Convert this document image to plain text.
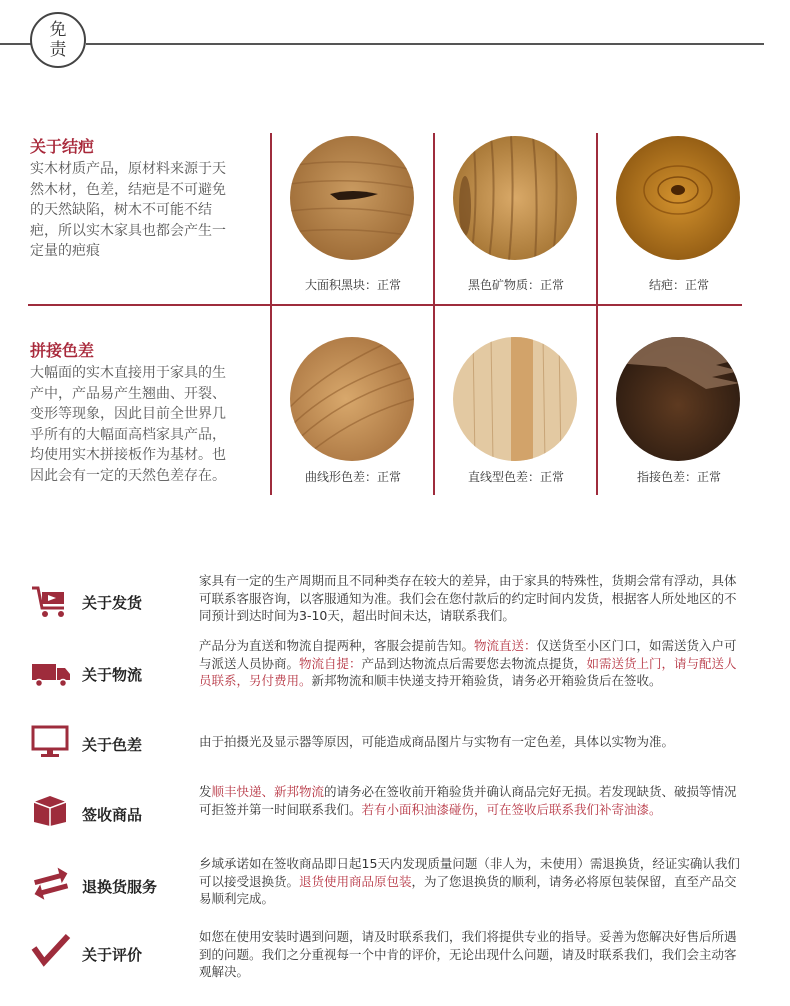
免
责
关于结疤
实木材质产品，原材料来源于天然木材，色差，结疤是不可避免的天然缺陷，树木不可能不结疤，所以实木家具也都会产生一定量的疤痕
拼接色差
大幅面的实木直接用于家具的生产中，产品易产生翘曲、开裂、变形等现象，因此目前全世界几乎所有的大幅面高档家具产品，均使用实木拼接板作为基材。也因此会有一定的天然色差存在。
大面积黑块：正常	黑色矿物质：正常	结疤：正常
曲线形色差：正常	直线型色差：正常	指接色差：正常
关于发货
家具有一定的生产周期而且不同种类存在较大的差异，由于家具的特殊性，货期会常有浮动，具体可联系客服咨询，以客服通知为准。我们会在您付款后的约定时间内发货，根据客人所处地区的不同预计到达时间为3-10天，超出时间未达，请联系我们。
关于物流
产品分为直送和物流自提两种，客服会提前告知。物流直送：仅送货至小区门口，如需送货入户可与派送人员协商。物流自提：产品到达物流点后需要您去物流点提货，如需送货上门，请与配送人员联系，另付费用。新邦物流和顺丰快递支持开箱验货，请务必开箱验货后在签收。
关于色差	由于拍摄光及显示器等原因，可能造成商品图片与实物有一定色差，具体以实物为准。
签收商品
发顺丰快递、新邦物流的请务必在签收前开箱验货并确认商品完好无损。若发现缺货、破损等情况可拒签并第一时间联系我们。若有小面积油漆碰伤，可在签收后联系我们补寄油漆。
退换货服务
乡域承诺如在签收商品即日起15天内发现质量问题（非人为，未使用）需退换货，经证实确认我们可以接受退换货。退货使用商品原包装，为了您退换货的顺利，请务必将原包装保留，直至产品交易顺利完成。
关于评价
如您在使用安装时遇到问题，请及时联系我们，我们将提供专业的指导。妥善为您解决好售后所遇到的问题。我们之分重视每一个中肯的评价，无论出现什么问题，请及时联系我们，我们会主动客观解决。
